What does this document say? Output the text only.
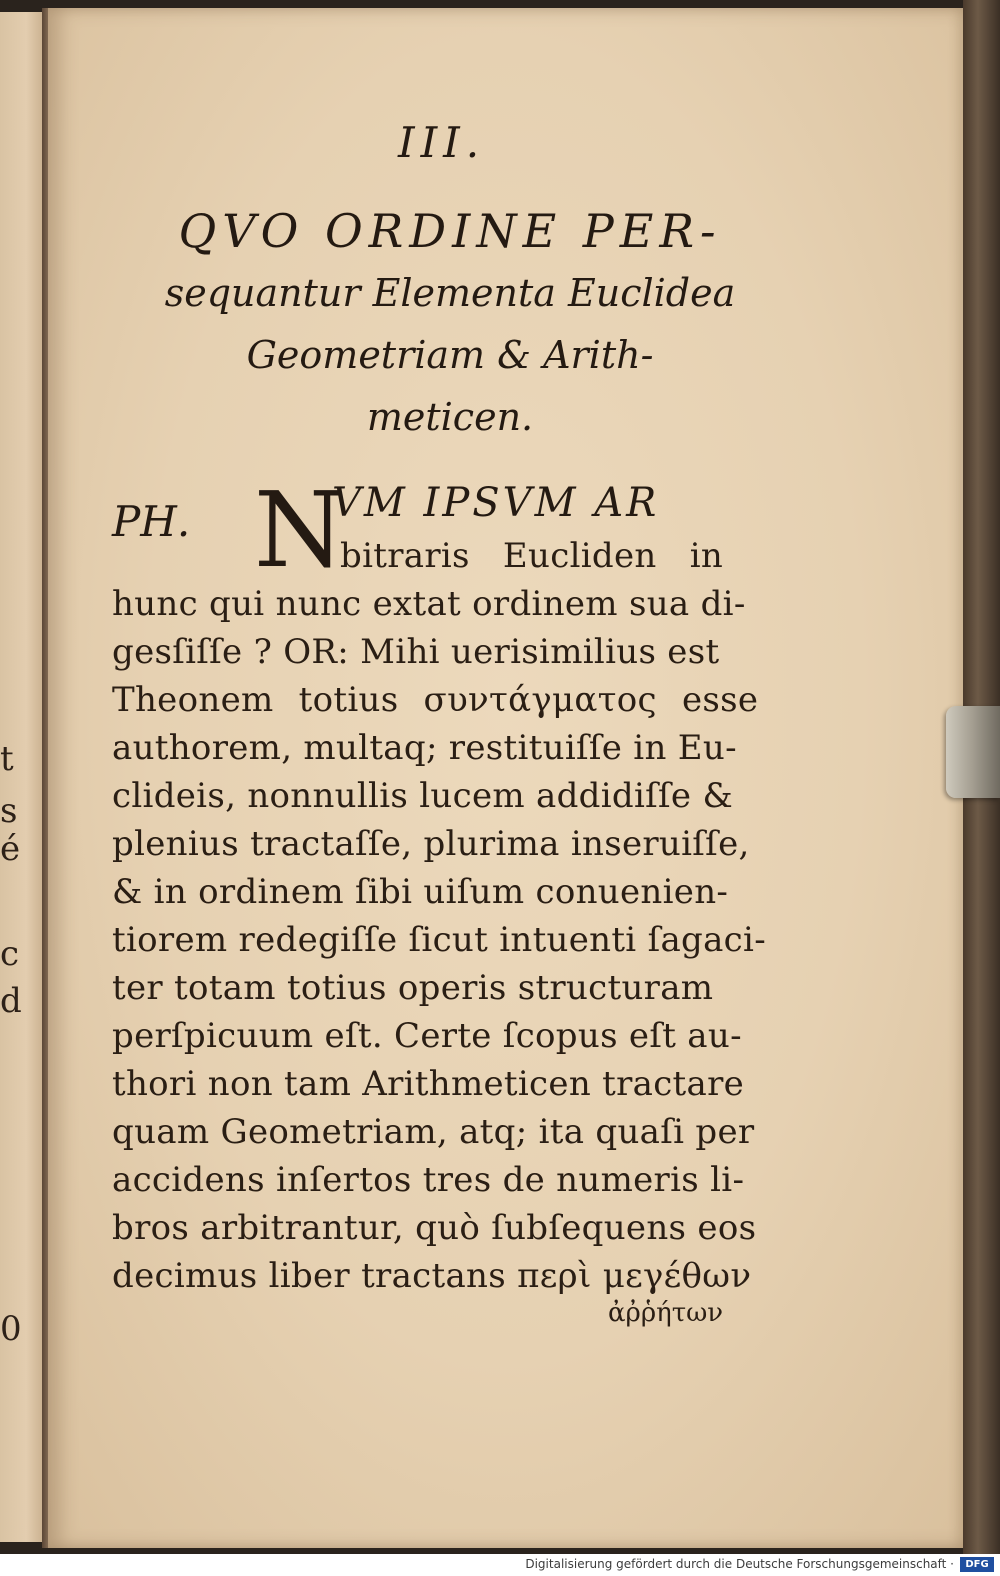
t
s
é
c
d
0
III.
QVO ORDINE PER-
sequantur Elementa Euclidea
Geometriam & Arith-
meticen.
PH. N
VM IPSVM AR
bitraris Eucliden in
hunc qui nunc extat ordinem sua di-
gesſiſſe ? OR: Mihi uerisimilius est
Theonem totius συντάγματος esse
authorem, multaq; restituiſſe in Eu-
clideis, nonnullis lucem addidiſſe &
plenius tractaſſe, plurima inseruiſſe,
& in ordinem ſibi uiſum conuenien-
tiorem redegiſſe ſicut intuenti ſagaci-
ter totam totius operis structuram
perſpicuum eſt. Certe ſcopus eſt au-
thori non tam Arithmeticen tractare
quam Geometriam, atq; ita quaſi per
accidens inſertos tres de numeris li-
bros arbitrantur, quò ſubſequens eos
decimus liber tractans περὶ μεγέθων
ἀῤῥήτων
Digitalisierung gefördert durch die Deutsche Forschungsgemeinschaft ·	DFG
